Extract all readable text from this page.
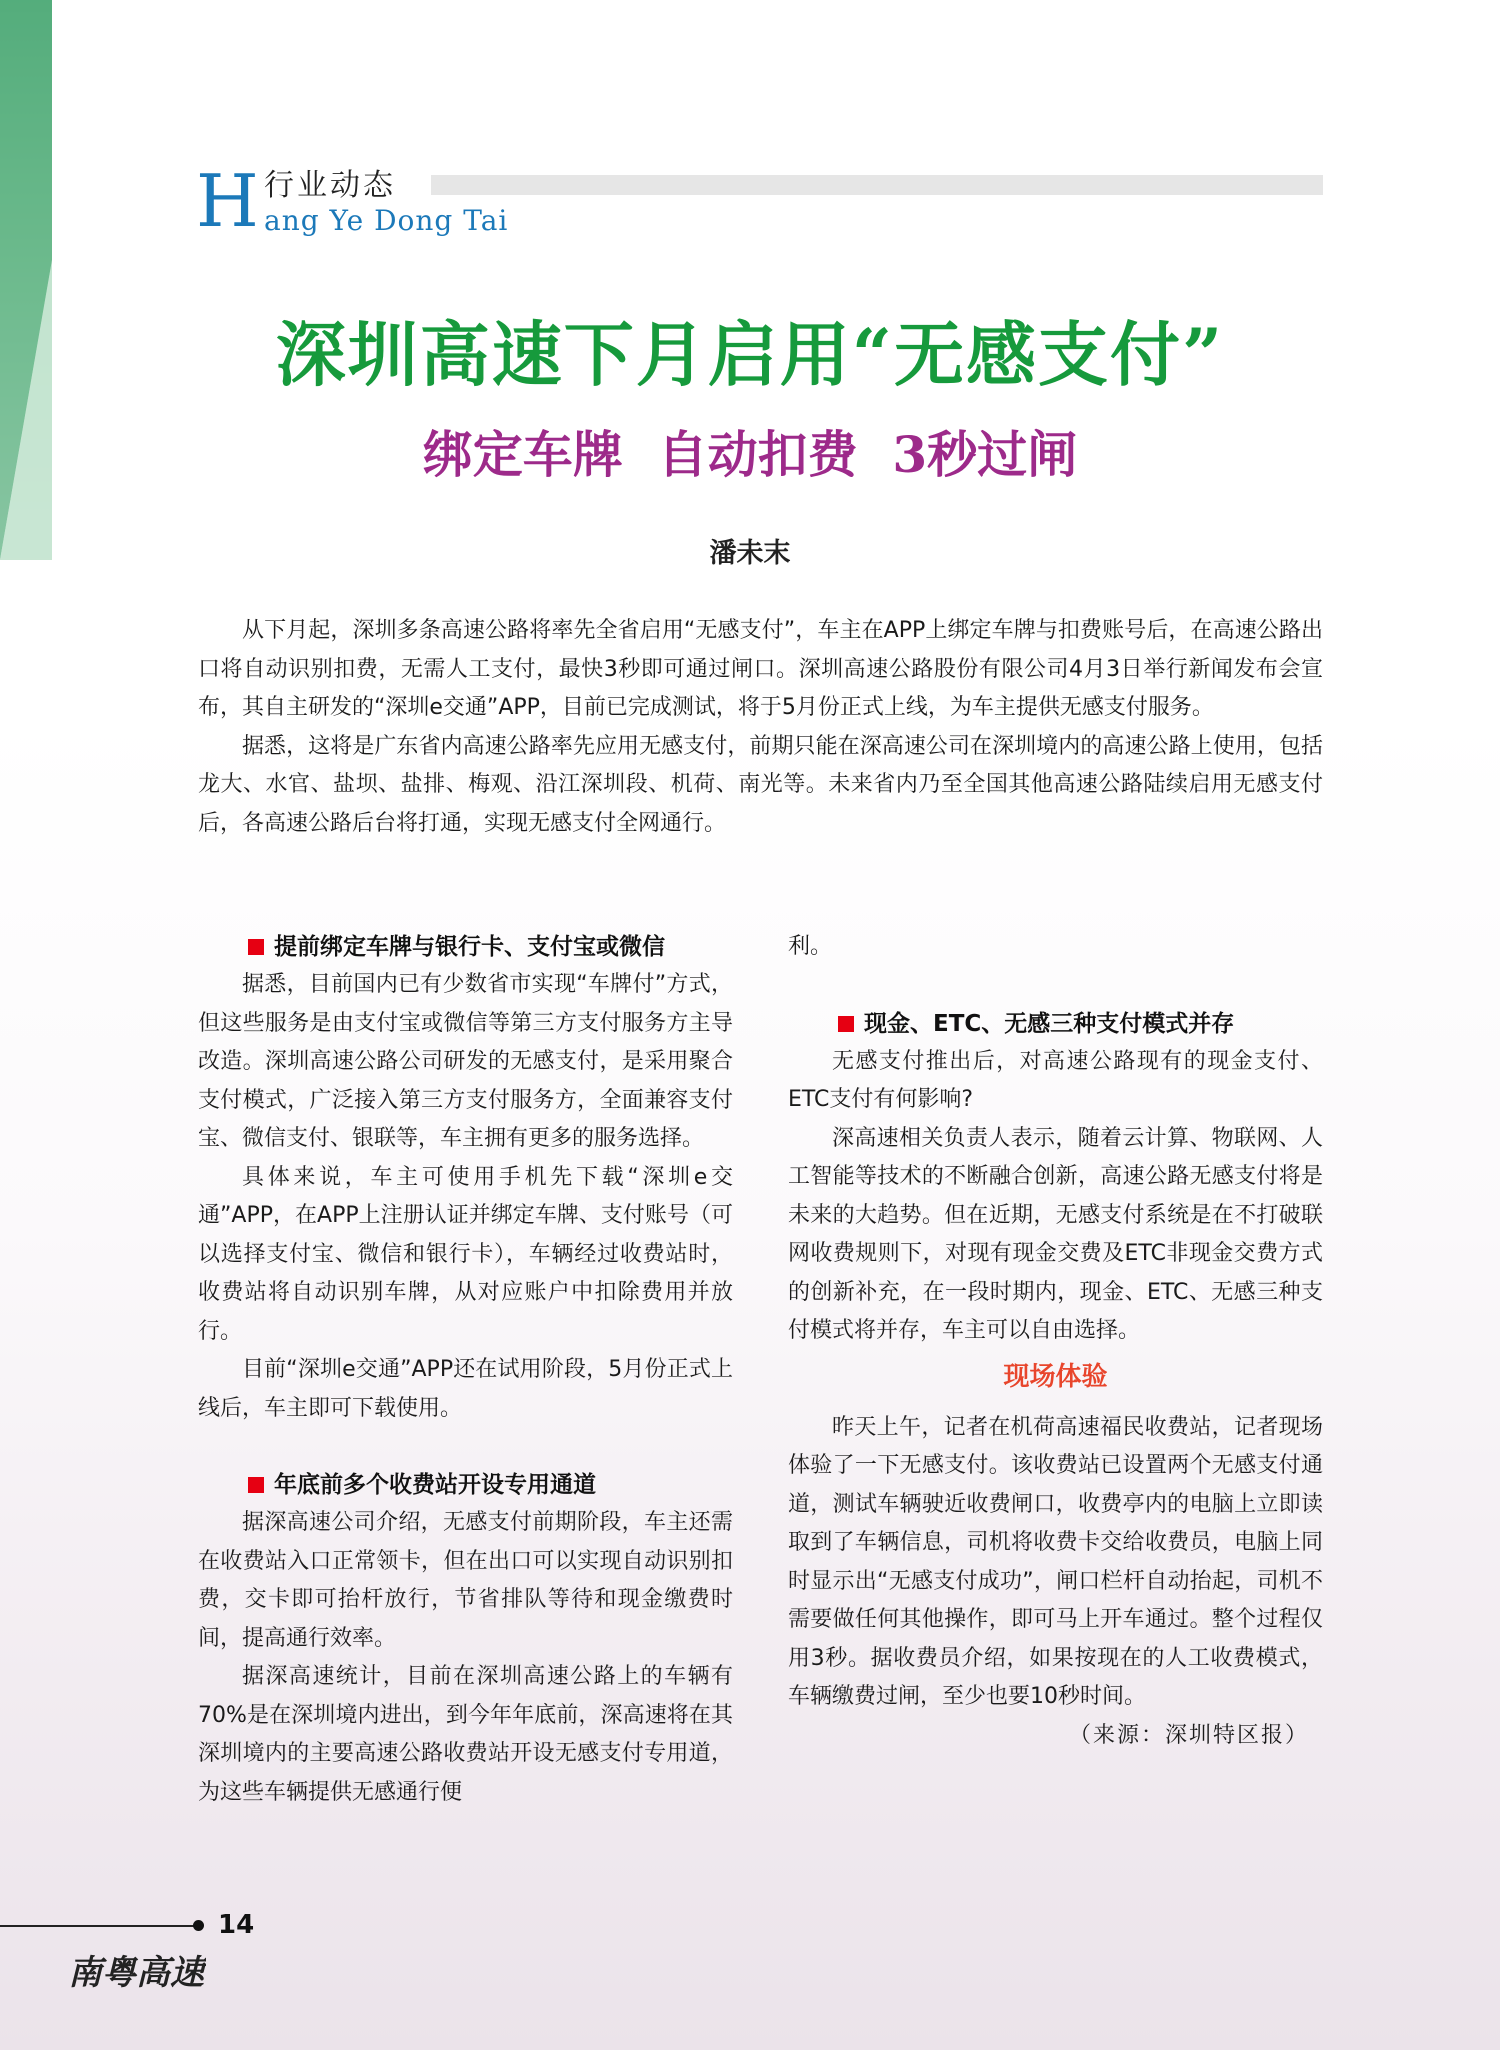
H 行业动态
ang Ye Dong Tai
深圳高速下月启用“无感支付”
绑定车牌  自动扣费  3秒过闸
潘未末

从下月起，深圳多条高速公路将率先全省启用“无感支付”，车主在APP上绑定车牌与扣费账号后，在高速公路出口将自动识别扣费，无需人工支付，最快3秒即可通过闸口。深圳高速公路股份有限公司4月3日举行新闻发布会宣布，其自主研发的“深圳e交通”APP，目前已完成测试，将于5月份正式上线，为车主提供无感支付服务。

据悉，这将是广东省内高速公路率先应用无感支付，前期只能在深高速公司在深圳境内的高速公路上使用，包括龙大、水官、盐坝、盐排、梅观、沿江深圳段、机荷、南光等。未来省内乃至全国其他高速公路陆续启用无感支付后，各高速公路后台将打通，实现无感支付全网通行。

提前绑定车牌与银行卡、支付宝或微信

据悉，目前国内已有少数省市实现“车牌付”方式，但这些服务是由支付宝或微信等第三方支付服务方主导改造。深圳高速公路公司研发的无感支付，是采用聚合支付模式，广泛接入第三方支付服务方，全面兼容支付宝、微信支付、银联等，车主拥有更多的服务选择。

具体来说，车主可使用手机先下载“深圳e交通”APP，在APP上注册认证并绑定车牌、支付账号（可以选择支付宝、微信和银行卡），车辆经过收费站时，收费站将自动识别车牌，从对应账户中扣除费用并放行。

目前“深圳e交通”APP还在试用阶段，5月份正式上线后，车主即可下载使用。

年底前多个收费站开设专用通道

据深高速公司介绍，无感支付前期阶段，车主还需在收费站入口正常领卡，但在出口可以实现自动识别扣费，交卡即可抬杆放行，节省排队等待和现金缴费时间，提高通行效率。

据深高速统计，目前在深圳高速公路上的车辆有70%是在深圳境内进出，到今年年底前，深高速将在其深圳境内的主要高速公路收费站开设无感支付专用道，为这些车辆提供无感通行便

利。

现金、ETC、无感三种支付模式并存

无感支付推出后，对高速公路现有的现金支付、ETC支付有何影响?

深高速相关负责人表示，随着云计算、物联网、人工智能等技术的不断融合创新，高速公路无感支付将是未来的大趋势。但在近期，无感支付系统是在不打破联网收费规则下，对现有现金交费及ETC非现金交费方式的创新补充，在一段时期内，现金、ETC、无感三种支付模式将并存，车主可以自由选择。

现场体验

昨天上午，记者在机荷高速福民收费站，记者现场体验了一下无感支付。该收费站已设置两个无感支付通道，测试车辆驶近收费闸口，收费亭内的电脑上立即读取到了车辆信息，司机将收费卡交给收费员，电脑上同时显示出“无感支付成功”，闸口栏杆自动抬起，司机不需要做任何其他操作，即可马上开车通过。整个过程仅用3秒。据收费员介绍，如果按现在的人工收费模式，车辆缴费过闸，至少也要10秒时间。

（来源：深圳特区报）
14
南粤高速
